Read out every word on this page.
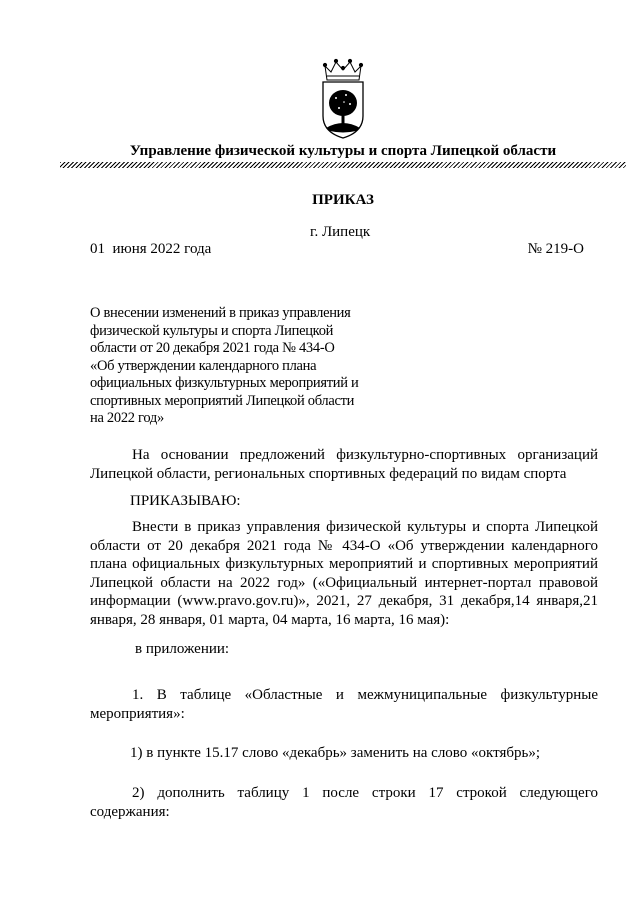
Управление физической культуры и спорта Липецкой области
ПРИКАЗ
г. Липецк
01  июня 2022 года	№ 219-О
О внесении изменений в приказ управления
физической культуры и спорта Липецкой
области от 20 декабря 2021 года № 434-О
«Об утверждении календарного плана
официальных физкультурных мероприятий и
спортивных мероприятий Липецкой области
на 2022 год»
На основании предложений физкультурно-спортивных организаций
Липецкой области, региональных спортивных федераций по видам спорта
ПРИКАЗЫВАЮ:
Внести в приказ управления физической культуры и спорта Липецкой
области от 20 декабря 2021 года № 434-О «Об утверждении календарного
плана официальных физкультурных мероприятий и спортивных мероприятий
Липецкой области на 2022 год» («Официальный интернет-портал правовой
информации (www.pravo.gov.ru)», 2021, 27 декабря, 31 декабря,14 января,21
января, 28 января, 01 марта, 04 марта, 16 марта, 16 мая):
в приложении:
1. В таблице «Областные и межмуниципальные физкультурные
мероприятия»:
1) в пункте 15.17 слово «декабрь» заменить на слово «октябрь»;
2) дополнить таблицу 1 после строки 17 строкой следующего
содержания:
